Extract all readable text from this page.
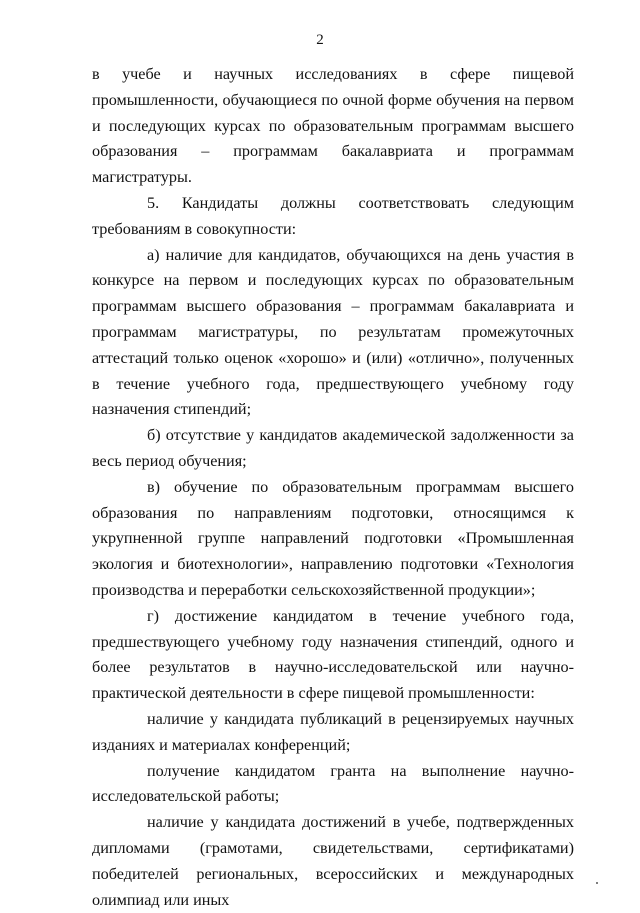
2

в учебе и научных исследованиях в сфере пищевой промышленности, обучающиеся по очной форме обучения на первом и последующих курсах по образовательным программам высшего образования – программам бакалавриата и программам магистратуры.

5. Кандидаты должны соответствовать следующим требованиям в совокупности:

а) наличие для кандидатов, обучающихся на день участия в конкурсе на первом и последующих курсах по образовательным программам высшего образования – программам бакалавриата и программам магистратуры, по результатам промежуточных аттестаций только оценок «хорошо» и (или) «отлично», полученных в течение учебного года, предшествующего учебному году назначения стипендий;

б) отсутствие у кандидатов академической задолженности за весь период обучения;

в) обучение по образовательным программам высшего образования по направлениям подготовки, относящимся к укрупненной группе направлений подготовки «Промышленная экология и биотехнологии», направлению подготовки «Технология производства и переработки сельскохозяйственной продукции»;

г) достижение кандидатом в течение учебного года, предшествующего учебному году назначения стипендий, одного и более результатов в научно-исследовательской или научно-практической деятельности в сфере пищевой промышленности:

наличие у кандидата публикаций в рецензируемых научных изданиях и материалах конференций;

получение кандидатом гранта на выполнение научно-исследовательской работы;

наличие у кандидата достижений в учебе, подтвержденных дипломами (грамотами, свидетельствами, сертификатами) победителей региональных, всероссийских и международных олимпиад или иных
